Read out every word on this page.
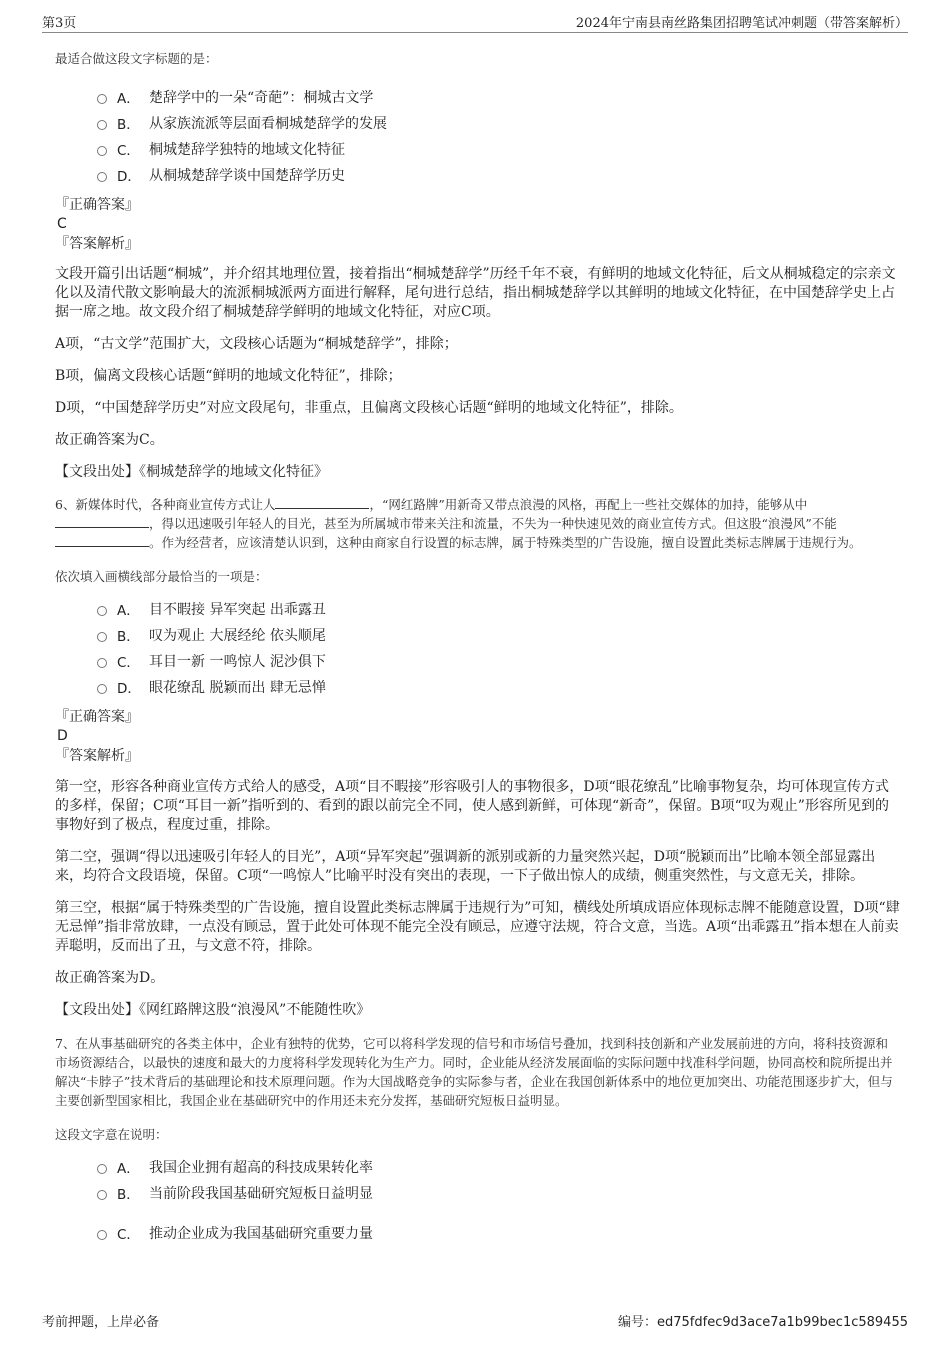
第3页	2024年宁南县南丝路集团招聘笔试冲刺题（带答案解析）

最适合做这段文字标题的是：

A． 楚辞学中的一朵“奇葩”：桐城古文学
B． 从家族流派等层面看桐城楚辞学的发展
C． 桐城楚辞学独特的地域文化特征
D． 从桐城楚辞学谈中国楚辞学历史

『正确答案』

C

『答案解析』

文段开篇引出话题“桐城”，并介绍其地理位置，接着指出“桐城楚辞学”历经千年不衰，有鲜明的地域文化特征，后文从桐城稳定的宗亲文化以及清代散文影响最大的流派桐城派两方面进行解释，尾句进行总结，指出桐城楚辞学以其鲜明的地域文化特征，在中国楚辞学史上占据一席之地。故文段介绍了桐城楚辞学鲜明的地域文化特征，对应C项。

A项，“古文学”范围扩大，文段核心话题为“桐城楚辞学”，排除；

B项，偏离文段核心话题“鲜明的地域文化特征”，排除；

D项，“中国楚辞学历史”对应文段尾句，非重点，且偏离文段核心话题“鲜明的地域文化特征”，排除。

故正确答案为C。

【文段出处】《桐城楚辞学的地域文化特征》

6、新媒体时代，各种商业宣传方式让人	，“网红路牌”用新奇又带点浪漫的风格，再配上一些社交媒体的加持，能够从中，得以迅速吸引年轻人的目光，甚至为所属城市带来关注和流量，不失为一种快速见效的商业宣传方式。但这股“浪漫风”不能。作为经营者，应该清楚认识到，这种由商家自行设置的标志牌，属于特殊类型的广告设施，擅自设置此类标志牌属于违规行为。

依次填入画横线部分最恰当的一项是：

A． 目不暇接 异军突起 出乖露丑
B． 叹为观止 大展经纶 依头顺尾
C． 耳目一新 一鸣惊人 泥沙俱下
D． 眼花缭乱 脱颖而出 肆无忌惮

『正确答案』

D

『答案解析』

第一空，形容各种商业宣传方式给人的感受，A项“目不暇接”形容吸引人的事物很多，D项“眼花缭乱”比喻事物复杂，均可体现宣传方式的多样，保留；C项“耳目一新”指听到的、看到的跟以前完全不同，使人感到新鲜，可体现“新奇”，保留。B项“叹为观止”形容所见到的事物好到了极点，程度过重，排除。

第二空，强调“得以迅速吸引年轻人的目光”，A项“异军突起”强调新的派别或新的力量突然兴起，D项“脱颖而出”比喻本领全部显露出来，均符合文段语境，保留。C项“一鸣惊人”比喻平时没有突出的表现，一下子做出惊人的成绩，侧重突然性，与文意无关，排除。

第三空，根据“属于特殊类型的广告设施，擅自设置此类标志牌属于违规行为”可知，横线处所填成语应体现标志牌不能随意设置，D项“肆无忌惮”指非常放肆，一点没有顾忌，置于此处可体现不能完全没有顾忌，应遵守法规，符合文意，当选。A项“出乖露丑”指本想在人前卖弄聪明，反而出了丑，与文意不符，排除。

故正确答案为D。

【文段出处】《网红路牌这股“浪漫风”不能随性吹》

7、在从事基础研究的各类主体中，企业有独特的优势，它可以将科学发现的信号和市场信号叠加，找到科技创新和产业发展前进的方向，将科技资源和市场资源结合，以最快的速度和最大的力度将科学发现转化为生产力。同时，企业能从经济发展面临的实际问题中找准科学问题，协同高校和院所提出并解决“卡脖子”技术背后的基础理论和技术原理问题。作为大国战略竞争的实际参与者，企业在我国创新体系中的地位更加突出、功能范围逐步扩大，但与主要创新型国家相比，我国企业在基础研究中的作用还未充分发挥，基础研究短板日益明显。

这段文字意在说明：

A． 我国企业拥有超高的科技成果转化率
B． 当前阶段我国基础研究短板日益明显
C． 推动企业成为我国基础研究重要力量
考前押题，上岸必备	编号：ed75fdfec9d3ace7a1b99bec1c589455
